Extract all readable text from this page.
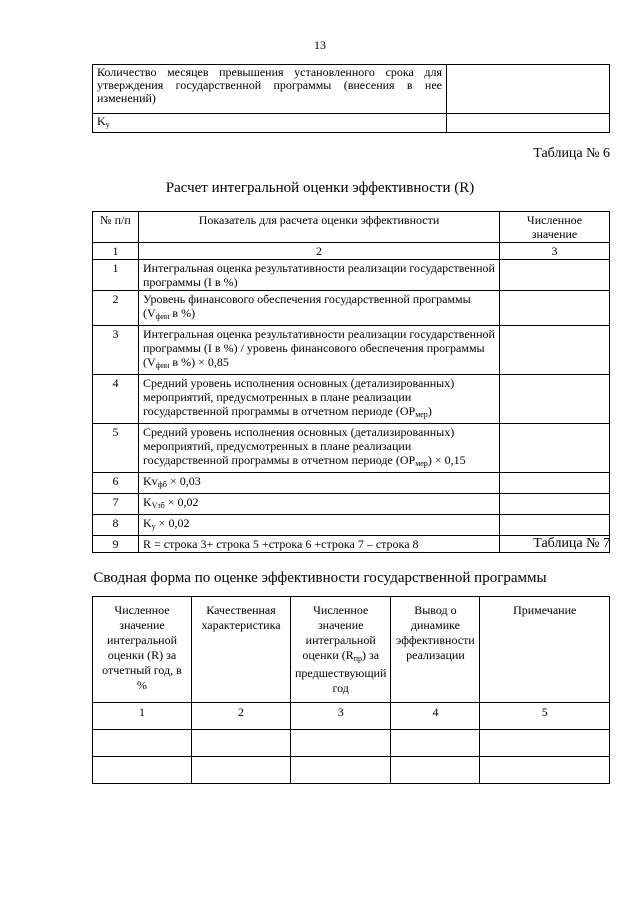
13
Количество месяцев превышения установленного срока для утверждения государственной программы (внесения в нее изменений)	
$K_у$	
Таблица № 6
Расчет интегральной оценки эффективности (R)
№ п/п	Показатель для расчета оценки эффективности	Численное значение
1	2	3
1	Интегральная оценка результативности реализации государственной программы (I в %)	
2	Уровень финансового обеспечения государственной программы ($V_{фин}$ в %)	
3	Интегральная оценка результативности реализации государственной программы (I в %) / уровень финансового обеспечения программы ($V_{фин}$ в %) × 0,85	
4	Средний уровень исполнения основных (детализированных) мероприятий, предусмотренных в плане реализации государственной программы в отчетном периоде $(ОР_{мер})$	
5	Средний уровень исполнения основных (детализированных) мероприятий, предусмотренных в плане реализации государственной программы в отчетном периоде $(ОР_{мер}) \times 0,15$	
6	$Kv_{фб} \times 0,03$	
7	$K_{Vзб} \times 0,02$	
8	$K_у \times 0,02$	
9	R = строка 3+ строка 5 +строка 6 +строка 7 – строка 8		Таблица № 7
Сводная форма по оценке эффективности государственной программы
Численное значение интегральной оценки (R) за отчетный год, в %	Качественная характеристика	Численное значение интегральной оценки $(R_{пр})$ за предшествующий год	Вывод о динамике эффективности реализации	Примечание
1	2	3	4	5
